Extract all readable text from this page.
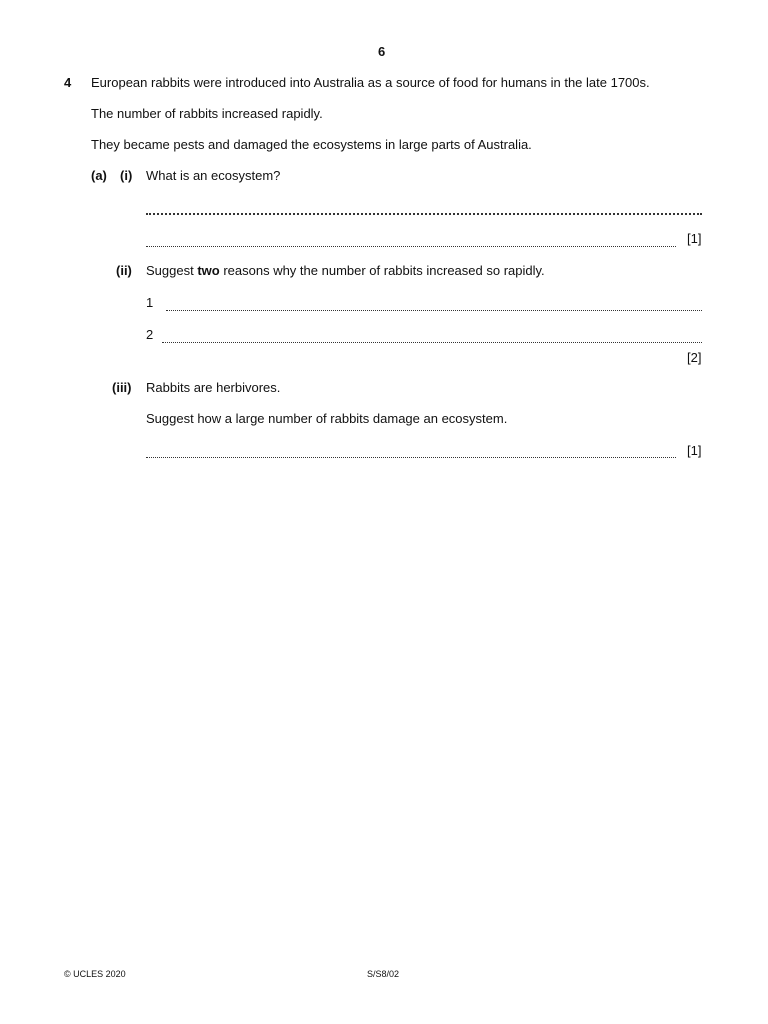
6
4 European rabbits were introduced into Australia as a source of food for humans in the late 1700s.
The number of rabbits increased rapidly.
They became pests and damaged the ecosystems in large parts of Australia.
(a) (i) What is an ecosystem?
[1]
(ii) Suggest two reasons why the number of rabbits increased so rapidly.
1
2
[2]
(iii) Rabbits are herbivores.
Suggest how a large number of rabbits damage an ecosystem.
[1]
© UCLES 2020	S/S8/02
